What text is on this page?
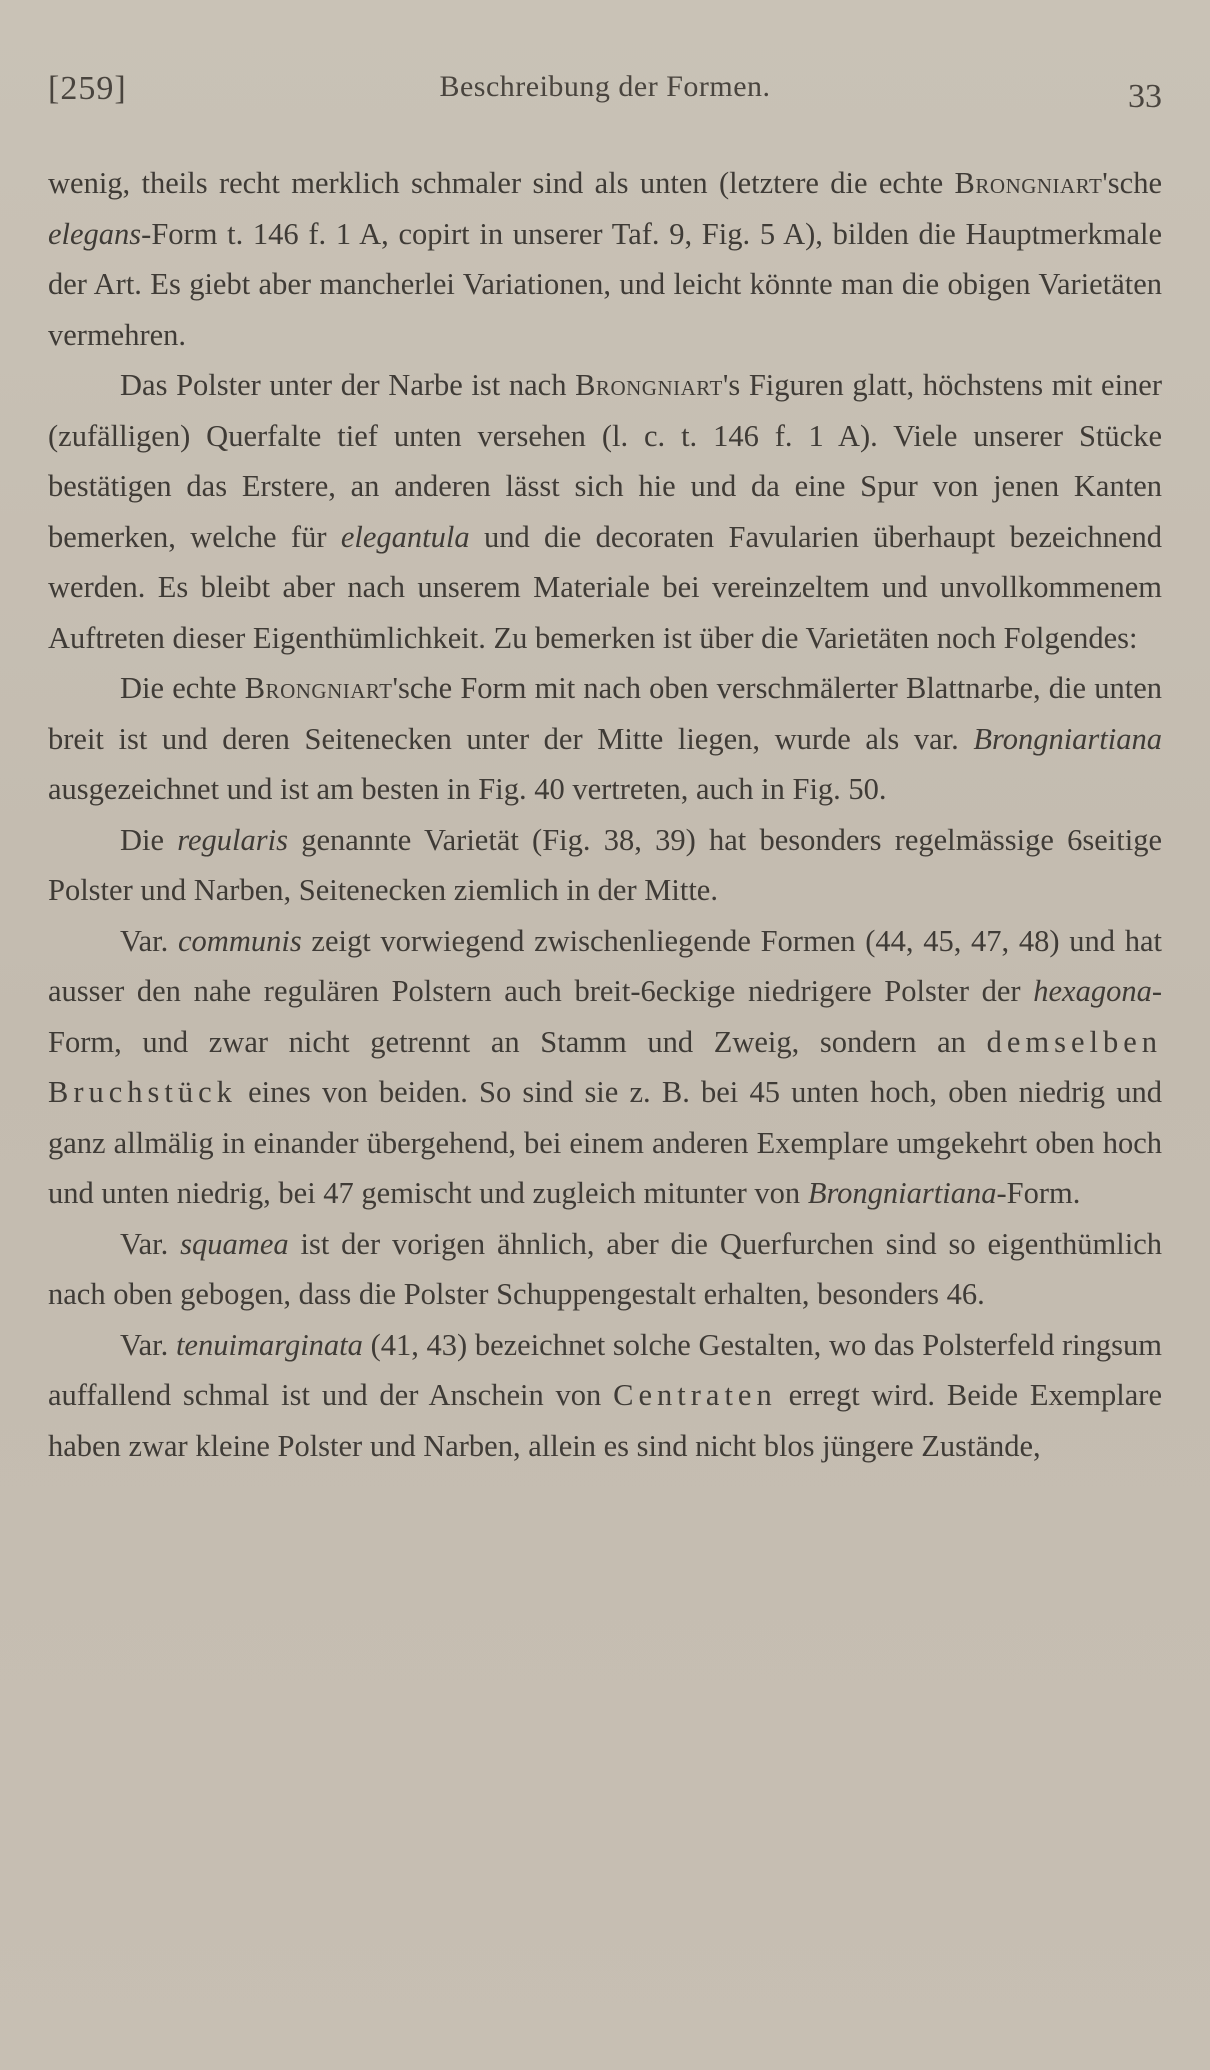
[259]	Beschreibung der Formen.	33

wenig, theils recht merklich schmaler sind als unten (letztere die echte Brongniart'sche elegans-Form t. 146 f. 1 A, copirt in unserer Taf. 9, Fig. 5 A), bilden die Hauptmerkmale der Art. Es giebt aber mancherlei Variationen, und leicht könnte man die obigen Varietäten vermehren.

Das Polster unter der Narbe ist nach Brongniart's Figuren glatt, höchstens mit einer (zufälligen) Querfalte tief unten versehen (l. c. t. 146 f. 1 A). Viele unserer Stücke bestätigen das Erstere, an anderen lässt sich hie und da eine Spur von jenen Kanten bemerken, welche für elegantula und die decoraten Favularien überhaupt bezeichnend werden. Es bleibt aber nach unserem Materiale bei vereinzeltem und unvollkommenem Auftreten dieser Eigenthümlichkeit. Zu bemerken ist über die Varietäten noch Folgendes:

Die echte Brongniart'sche Form mit nach oben verschmälerter Blattnarbe, die unten breit ist und deren Seitenecken unter der Mitte liegen, wurde als var. Brongniartiana ausgezeichnet und ist am besten in Fig. 40 vertreten, auch in Fig. 50.

Die regularis genannte Varietät (Fig. 38, 39) hat besonders regelmässige 6seitige Polster und Narben, Seitenecken ziemlich in der Mitte.

Var. communis zeigt vorwiegend zwischenliegende Formen (44, 45, 47, 48) und hat ausser den nahe regulären Polstern auch breit-6eckige niedrigere Polster der hexagona-Form, und zwar nicht getrennt an Stamm und Zweig, sondern an demselben Bruchstück eines von beiden. So sind sie z. B. bei 45 unten hoch, oben niedrig und ganz allmälig in einander übergehend, bei einem anderen Exemplare umgekehrt oben hoch und unten niedrig, bei 47 gemischt und zugleich mitunter von Brongniartiana-Form.

Var. squamea ist der vorigen ähnlich, aber die Querfurchen sind so eigenthümlich nach oben gebogen, dass die Polster Schuppengestalt erhalten, besonders 46.

Var. tenuimarginata (41, 43) bezeichnet solche Gestalten, wo das Polsterfeld ringsum auffallend schmal ist und der Anschein von Centraten erregt wird. Beide Exemplare haben zwar kleine Polster und Narben, allein es sind nicht blos jüngere Zustände,
